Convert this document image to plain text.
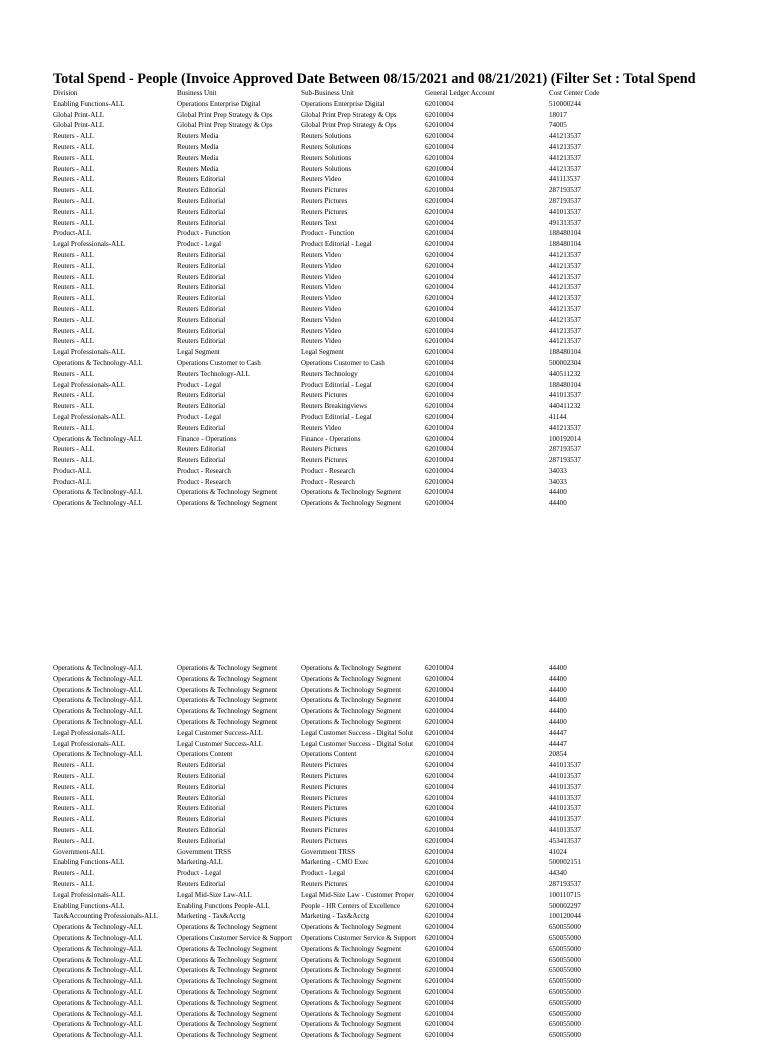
Total Spend - People (Invoice Approved Date Between 08/15/2021 and 08/21/2021) (Filter Set : Total Spend
Division	Business Unit	Sub-Business Unit	General Ledger Account	Cost Center Code
Enabling Functions-ALL	Operations Enterprise Digital	Operations Enterprise Digital	62010004	510000244
Global Print-ALL	Global Print Prep Strategy & Ops	Global Print Prep Strategy & Ops	62010004	18017
Global Print-ALL	Global Print Prep Strategy & Ops	Global Print Prep Strategy & Ops	62010004	74005
Reuters - ALL	Reuters Media	Reuters Solutions	62010004	441213537
Reuters - ALL	Reuters Media	Reuters Solutions	62010004	441213537
Reuters - ALL	Reuters Media	Reuters Solutions	62010004	441213537
Reuters - ALL	Reuters Media	Reuters Solutions	62010004	441213537
Reuters - ALL	Reuters Editorial	Reuters Video	62010004	441113537
Reuters - ALL	Reuters Editorial	Reuters Pictures	62010004	287193537
Reuters - ALL	Reuters Editorial	Reuters Pictures	62010004	287193537
Reuters - ALL	Reuters Editorial	Reuters Pictures	62010004	441013537
Reuters - ALL	Reuters Editorial	Reuters Text	62010004	491313537
Product-ALL	Product - Function	Product - Function	62010004	188480104
Legal Professionals-ALL	Product - Legal	Product Editorial - Legal	62010004	188480104
Reuters - ALL	Reuters Editorial	Reuters Video	62010004	441213537
Reuters - ALL	Reuters Editorial	Reuters Video	62010004	441213537
Reuters - ALL	Reuters Editorial	Reuters Video	62010004	441213537
Reuters - ALL	Reuters Editorial	Reuters Video	62010004	441213537
Reuters - ALL	Reuters Editorial	Reuters Video	62010004	441213537
Reuters - ALL	Reuters Editorial	Reuters Video	62010004	441213537
Reuters - ALL	Reuters Editorial	Reuters Video	62010004	441213537
Reuters - ALL	Reuters Editorial	Reuters Video	62010004	441213537
Reuters - ALL	Reuters Editorial	Reuters Video	62010004	441213537
Legal Professionals-ALL	Legal Segment	Legal Segment	62010004	188480104
Operations & Technology-ALL	Operations Customer to Cash	Operations Customer to Cash	62010004	500002304
Reuters - ALL	Reuters Technology-ALL	Reuters Technology	62010004	440511232
Legal Professionals-ALL	Product - Legal	Product Editorial - Legal	62010004	188480104
Reuters - ALL	Reuters Editorial	Reuters Pictures	62010004	441013537
Reuters - ALL	Reuters Editorial	Reuters Breakingviews	62010004	440411232
Legal Professionals-ALL	Product - Legal	Product Editorial - Legal	62010004	41144
Reuters - ALL	Reuters Editorial	Reuters Video	62010004	441213537
Operations & Technology-ALL	Finance - Operations	Finance - Operations	62010004	100192014
Reuters - ALL	Reuters Editorial	Reuters Pictures	62010004	287193537
Reuters - ALL	Reuters Editorial	Reuters Pictures	62010004	287193537
Product-ALL	Product - Research	Product - Research	62010004	34033
Product-ALL	Product - Research	Product - Research	62010004	34033
Operations & Technology-ALL	Operations & Technology Segment	Operations & Technology Segment	62010004	44400
Operations & Technology-ALL	Operations & Technology Segment	Operations & Technology Segment	62010004	44400
Operations & Technology-ALL	Operations & Technology Segment	Operations & Technology Segment	62010004	44400
Operations & Technology-ALL	Operations & Technology Segment	Operations & Technology Segment	62010004	44400
Operations & Technology-ALL	Operations & Technology Segment	Operations & Technology Segment	62010004	44400
Operations & Technology-ALL	Operations & Technology Segment	Operations & Technology Segment	62010004	44400
Operations & Technology-ALL	Operations & Technology Segment	Operations & Technology Segment	62010004	44400
Operations & Technology-ALL	Operations & Technology Segment	Operations & Technology Segment	62010004	44400
Legal Professionals-ALL	Legal Customer Success-ALL	Legal Customer Success - Digital Solut	62010004	44447
Legal Professionals-ALL	Legal Customer Success-ALL	Legal Customer Success - Digital Solut	62010004	44447
Operations & Technology-ALL	Operations Content	Operations Content	62010004	20854
Reuters - ALL	Reuters Editorial	Reuters Pictures	62010004	441013537
Reuters - ALL	Reuters Editorial	Reuters Pictures	62010004	441013537
Reuters - ALL	Reuters Editorial	Reuters Pictures	62010004	441013537
Reuters - ALL	Reuters Editorial	Reuters Pictures	62010004	441013537
Reuters - ALL	Reuters Editorial	Reuters Pictures	62010004	441013537
Reuters - ALL	Reuters Editorial	Reuters Pictures	62010004	441013537
Reuters - ALL	Reuters Editorial	Reuters Pictures	62010004	441013537
Reuters - ALL	Reuters Editorial	Reuters Pictures	62010004	453413537
Government-ALL	Government TRSS	Government TRSS	62010004	41024
Enabling Functions-ALL	Marketing-ALL	Marketing - CMO Exec	62010004	500002151
Reuters - ALL	Product - Legal	Product - Legal	62010004	44340
Reuters - ALL	Reuters Editorial	Reuters Pictures	62010004	287193537
Legal Professionals-ALL	Legal Mid-Size Law-ALL	Legal Mid-Size Law - Customer Proper	62010004	100110715
Enabling Functions-ALL	Enabling Functions People-ALL	People - HR Centers of Excellence	62010004	500002297
Tax&Accounting Professionals-ALL	Marketing - Tax&Acctg	Marketing - Tax&Acctg	62010004	100120044
Operations & Technology-ALL	Operations & Technology Segment	Operations & Technology Segment	62010004	650055000
Operations & Technology-ALL	Operations Customer Service & Support	Operations Customer Service & Support	62010004	650055000
Operations & Technology-ALL	Operations & Technology Segment	Operations & Technology Segment	62010004	650055000
Operations & Technology-ALL	Operations & Technology Segment	Operations & Technology Segment	62010004	650055000
Operations & Technology-ALL	Operations & Technology Segment	Operations & Technology Segment	62010004	650055000
Operations & Technology-ALL	Operations & Technology Segment	Operations & Technology Segment	62010004	650055000
Operations & Technology-ALL	Operations & Technology Segment	Operations & Technology Segment	62010004	650055000
Operations & Technology-ALL	Operations & Technology Segment	Operations & Technology Segment	62010004	650055000
Operations & Technology-ALL	Operations & Technology Segment	Operations & Technology Segment	62010004	650055000
Operations & Technology-ALL	Operations & Technology Segment	Operations & Technology Segment	62010004	650055000
Operations & Technology-ALL	Operations & Technology Segment	Operations & Technology Segment	62010004	650055000
